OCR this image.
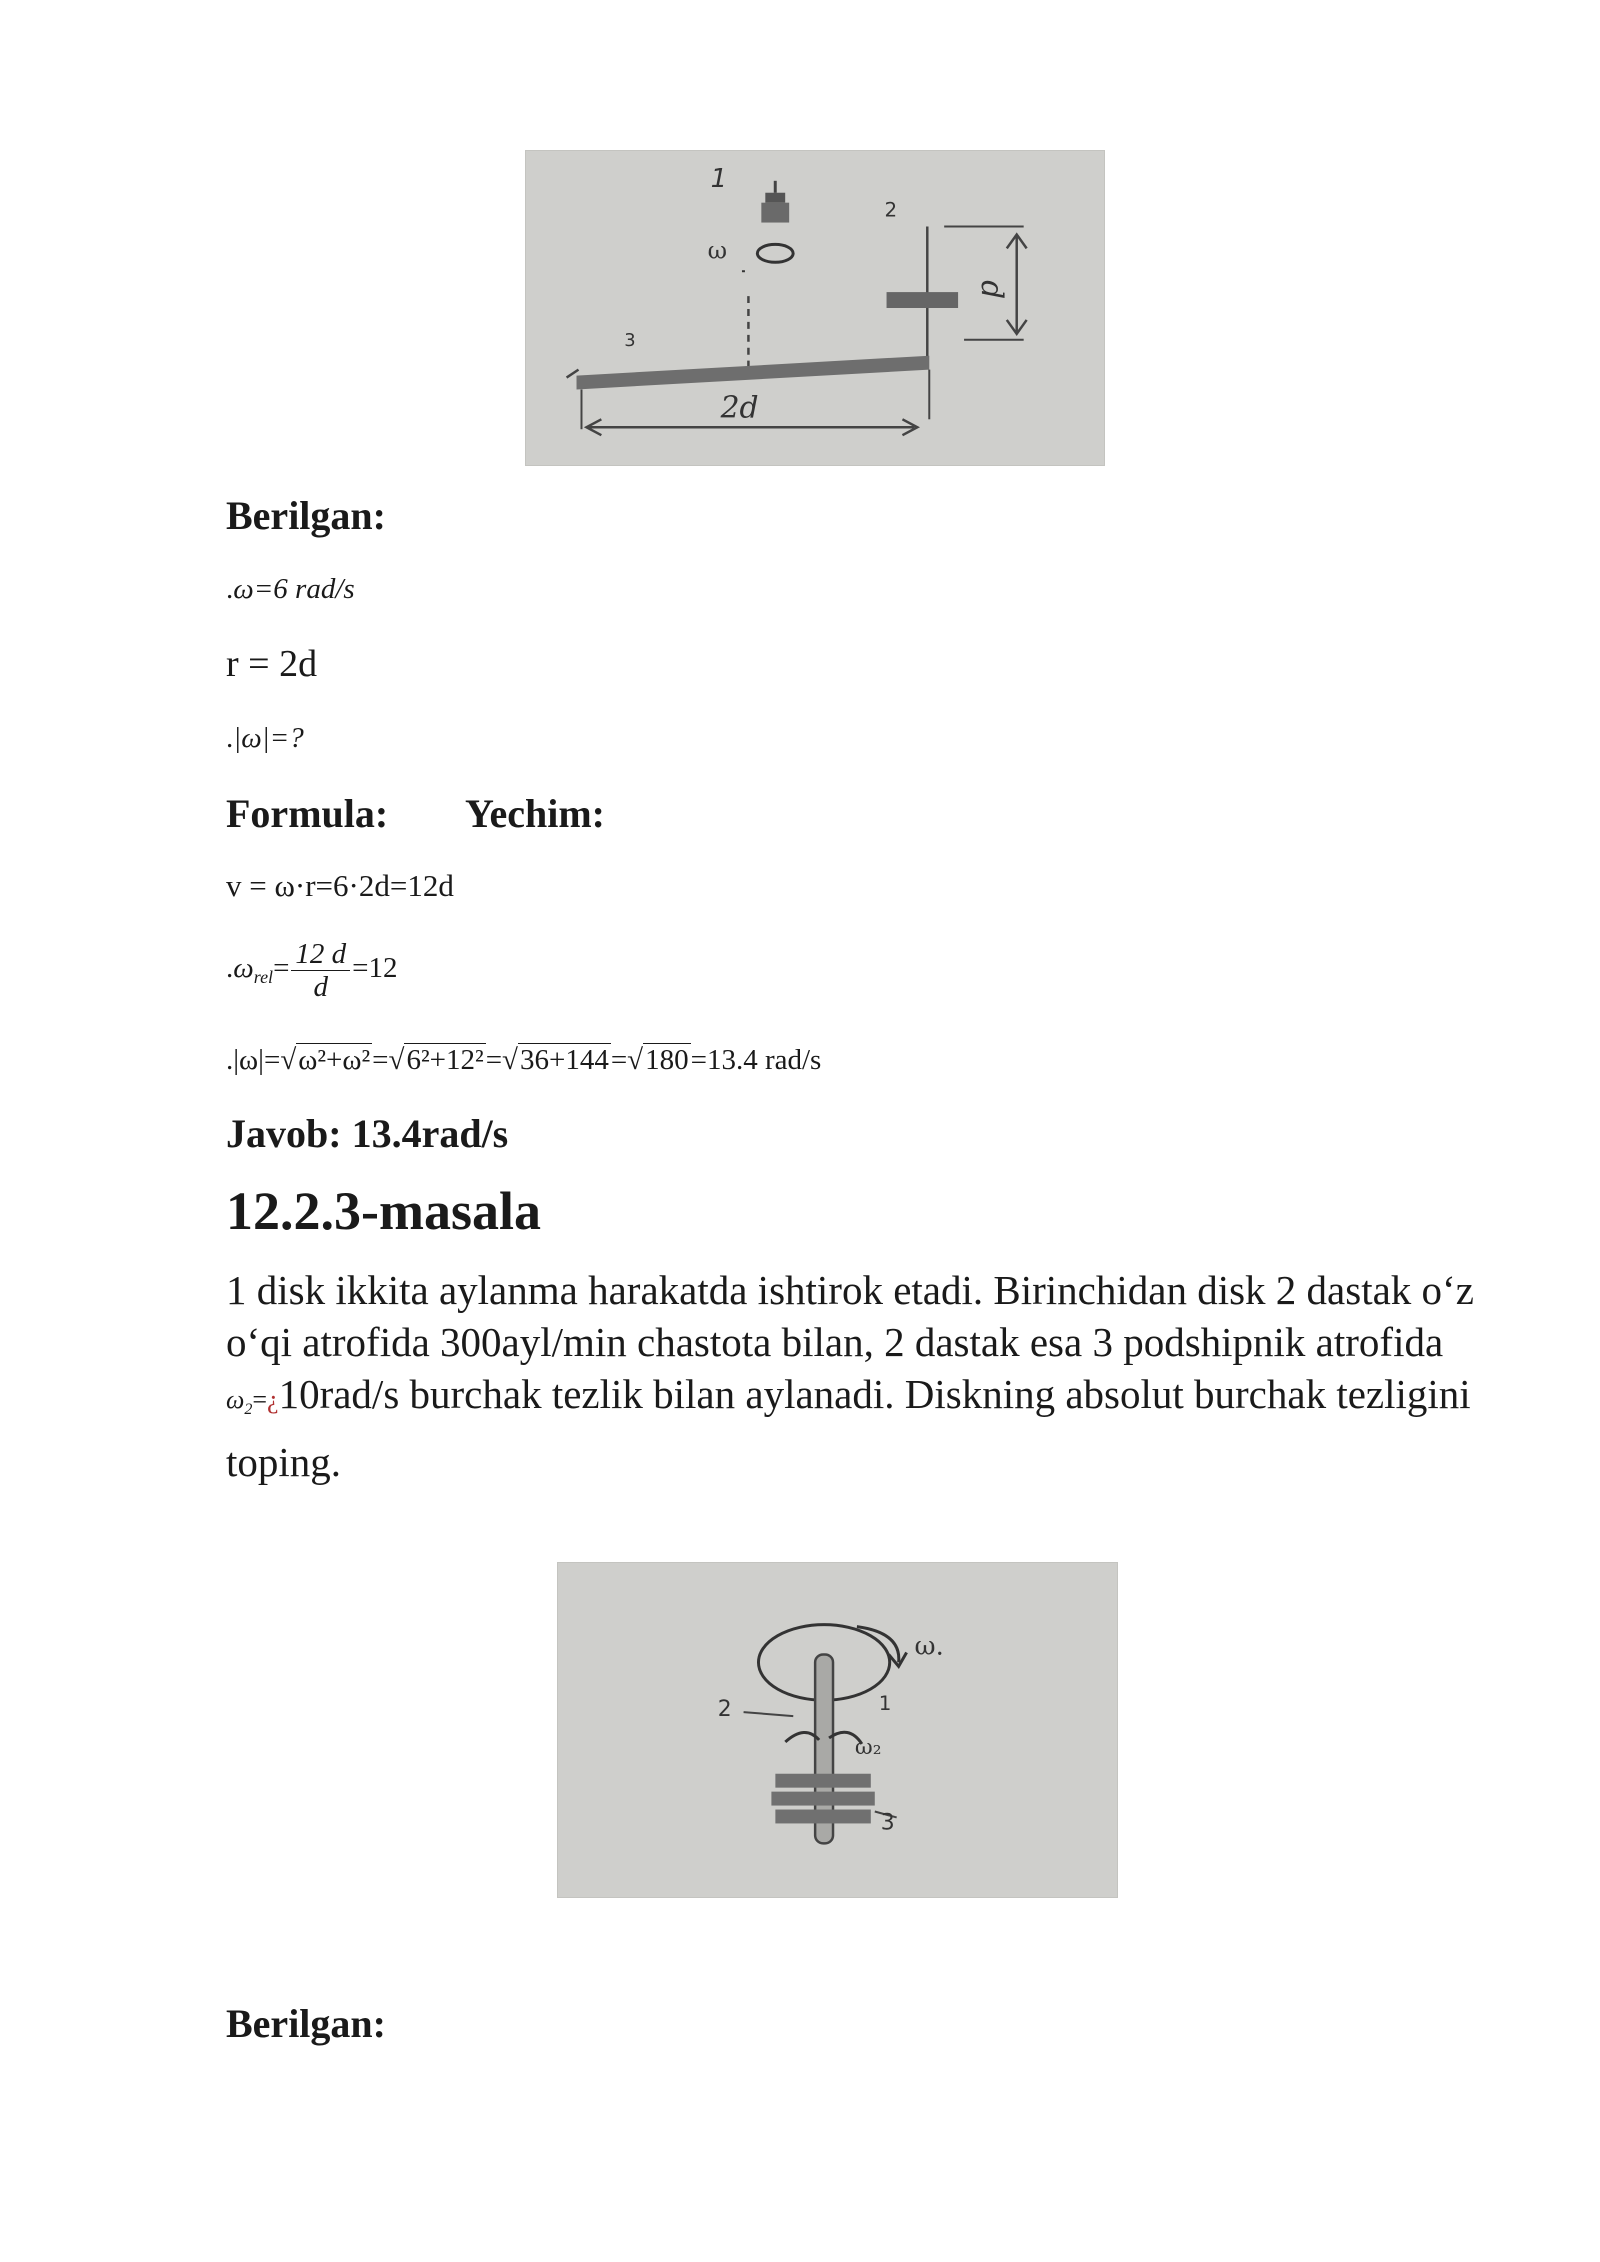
1
ω
2
3
d
2d
Berilgan:
.ω=6 rad/s
r = 2d
.|ω|=?
Formula: Yechim:
v = ω·r=6·2d=12d
$.\omega_{rel}= \frac{12 d}{d} =12$
.|ω|=√ω²+ω²=√6²+12²=√36+144=√180=13.4 rad/s
Javob: 13.4rad/s
12.2.3-masala
1 disk ikkita aylanma harakatda ishtirok etadi. Birinchidan disk 2 dastak o‘z o‘qi atrofida 300ayl/min chastota bilan, 2 dastak esa 3 podshipnik atrofida $\omega_2=¿10rad/s$ burchak tezlik bilan aylanadi. Diskning absolut burchak tezligini toping.
ω.
1
2
ω₂
3
Berilgan:
